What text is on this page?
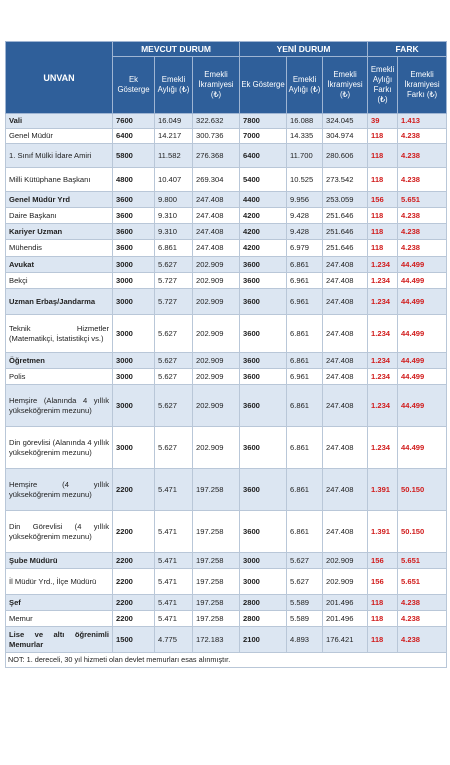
UNVAN	MEVCUT DURUM			YENİ DURUM			FARK	
	Ek Gösterge	Emekli Aylığı (₺)	Emekli İkramiyesi (₺)	Ek Gösterge	Emekli Aylığı (₺)	Emekli İkramiyesi (₺)	Emekli Aylığı Farkı (₺)	Emekli İkramiyesi Farkı (₺)
Vali	7600	16.049	322.632	7800	16.088	324.045	39	1.413
Genel Müdür	6400	14.217	300.736	7000	14.335	304.974	118	4.238
1. Sınıf Mülki İdare Amiri	5800	11.582	276.368	6400	11.700	280.606	118	4.238
Milli Kütüphane Başkanı	4800	10.407	269.304	5400	10.525	273.542	118	4.238
Genel Müdür Yrd	3600	9.800	247.408	4400	9.956	253.059	156	5.651
Daire Başkanı	3600	9.310	247.408	4200	9.428	251.646	118	4.238
Kariyer Uzman	3600	9.310	247.408	4200	9.428	251.646	118	4.238
Mühendis	3600	6.861	247.408	4200	6.979	251.646	118	4.238
Avukat	3000	5.627	202.909	3600	6.861	247.408	1.234	44.499
Bekçi	3000	5.727	202.909	3600	6.961	247.408	1.234	44.499
Uzman Erbaş/Jandarma	3000	5.727	202.909	3600	6.961	247.408	1.234	44.499
Teknik Hizmetler (Matematikçi, İstatistikçi vs.)	3000	5.627	202.909	3600	6.861	247.408	1.234	44.499
Öğretmen	3000	5.627	202.909	3600	6.861	247.408	1.234	44.499
Polis	3000	5.627	202.909	3600	6.961	247.408	1.234	44.499
Hemşire (Alanında 4 yıllık yükseköğrenim mezunu)	3000	5.627	202.909	3600	6.861	247.408	1.234	44.499
Din görevlisi (Alanında 4 yıllık yükseköğrenim mezunu)	3000	5.627	202.909	3600	6.861	247.408	1.234	44.499
Hemşire (4 yıllık yükseköğrenim mezunu)	2200	5.471	197.258	3600	6.861	247.408	1.391	50.150
Din Görevlisi (4 yıllık yükseköğrenim mezunu)	2200	5.471	197.258	3600	6.861	247.408	1.391	50.150
Şube Müdürü	2200	5.471	197.258	3000	5.627	202.909	156	5.651
İl Müdür Yrd., İlçe Müdürü	2200	5.471	197.258	3000	5.627	202.909	156	5.651
Şef	2200	5.471	197.258	2800	5.589	201.496	118	4.238
Memur	2200	5.471	197.258	2800	5.589	201.496	118	4.238
Lise ve altı öğrenimli Memurlar	1500	4.775	172.183	2100	4.893	176.421	118	4.238
NOT: 1. dereceli, 30 yıl hizmeti olan devlet memurları esas alınmıştır.								
